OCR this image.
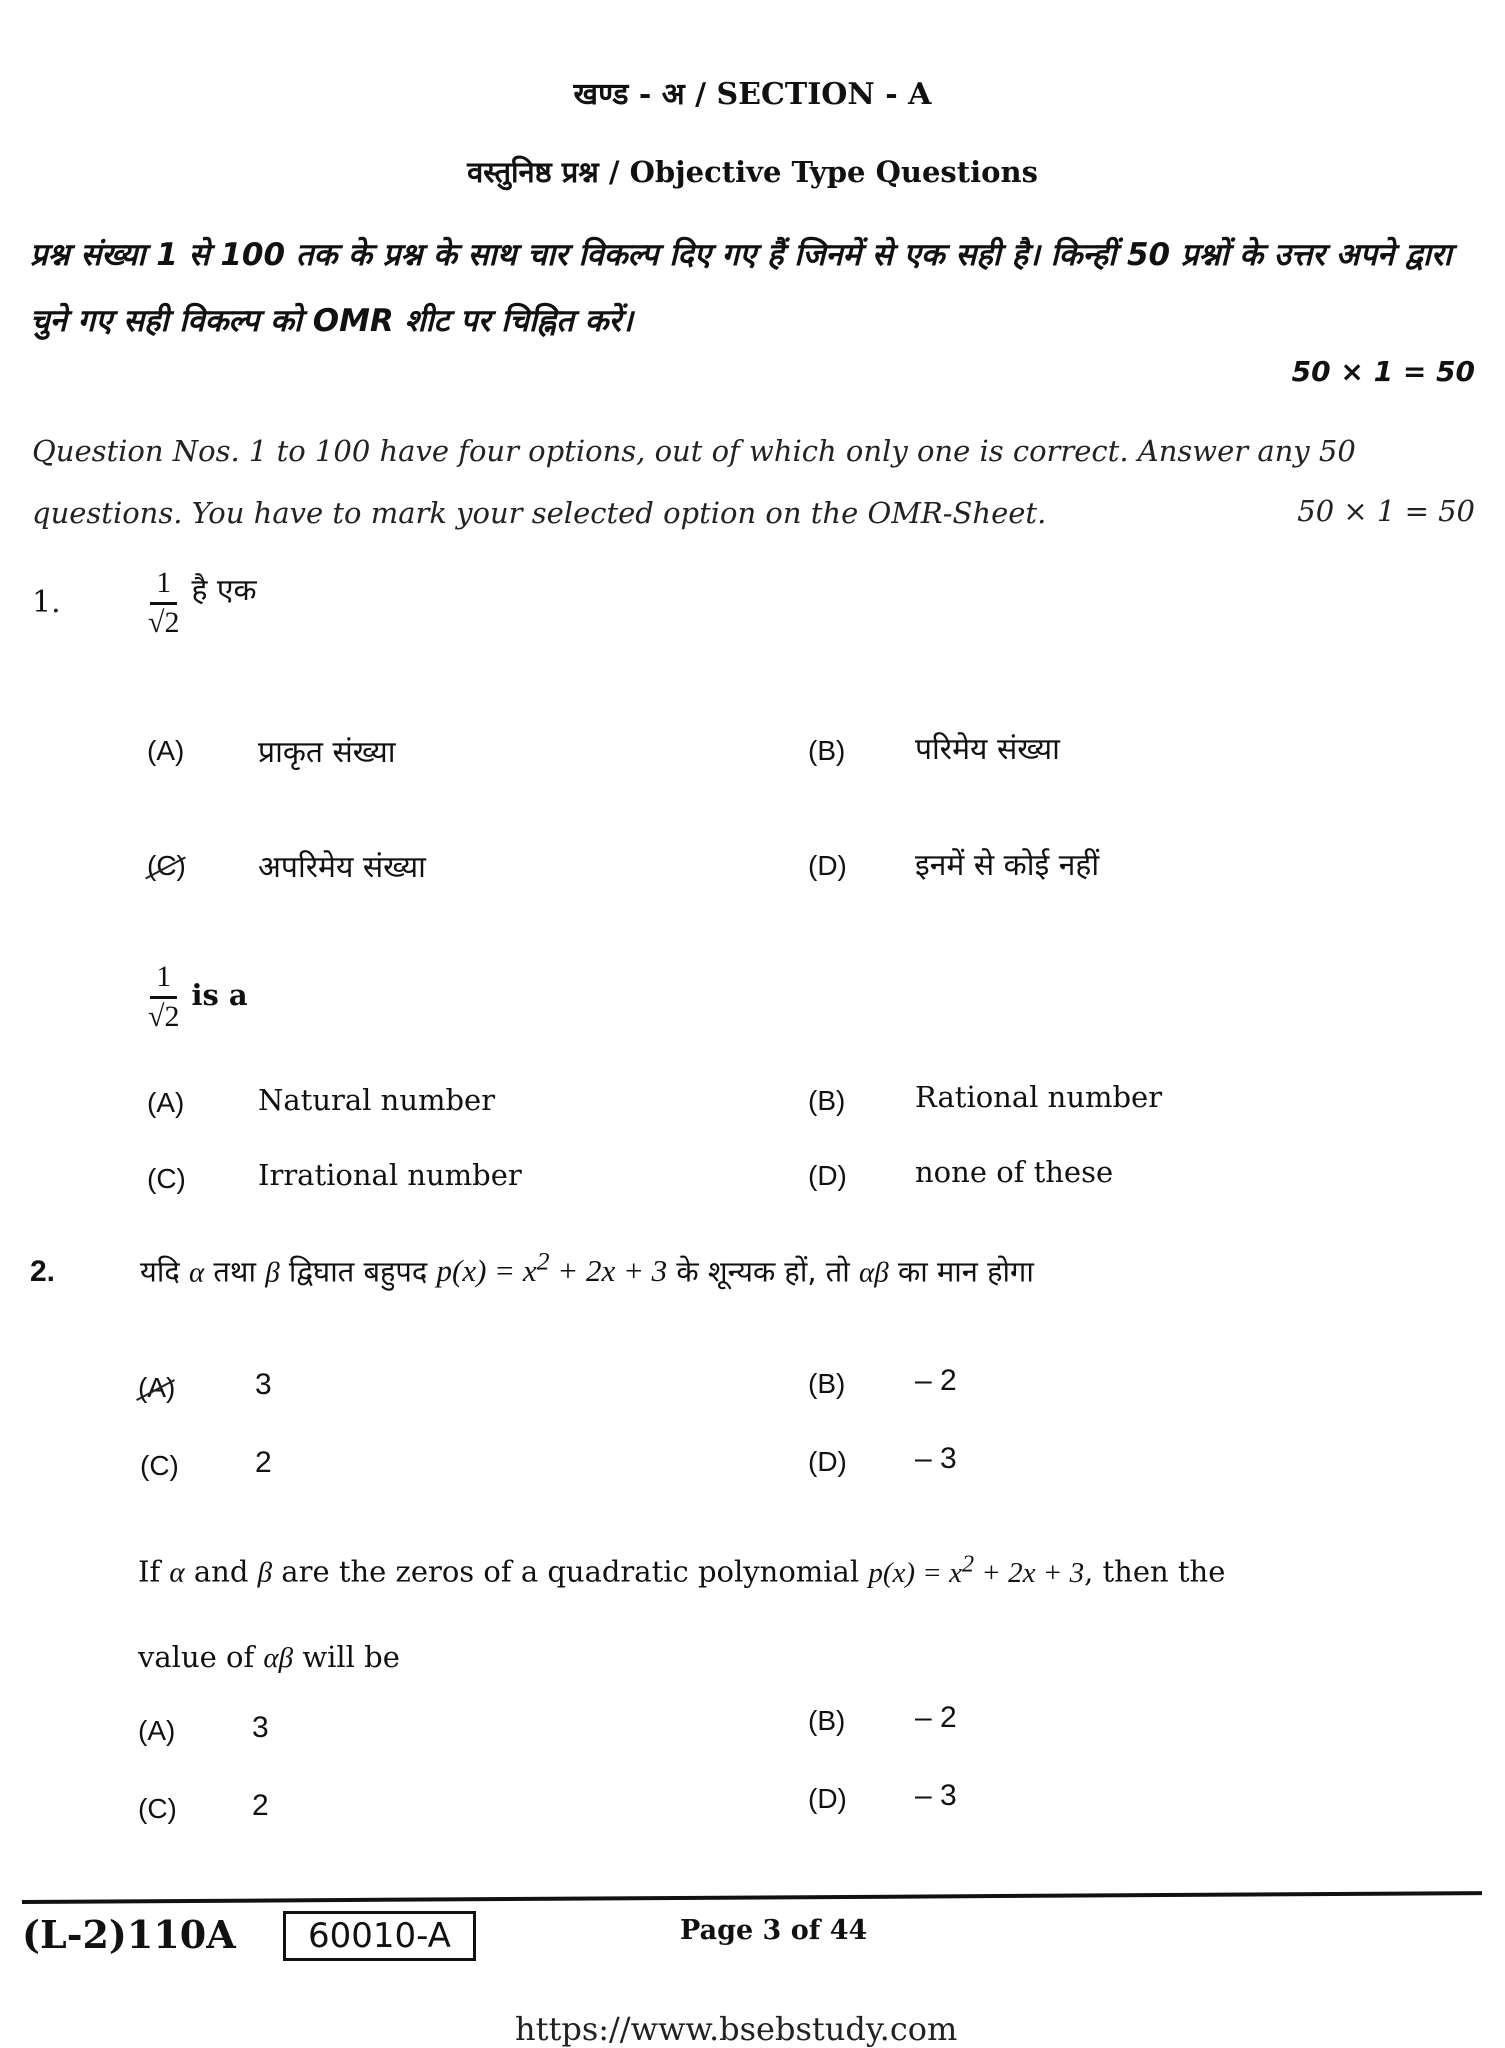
खण्ड - अ / SECTION - A
वस्तुनिष्ठ प्रश्न / Objective Type Questions
प्रश्न संख्या 1 से 100 तक के प्रश्न के साथ चार विकल्प दिए गए हैं जिनमें से एक सही है। किन्हीं 50 प्रश्नों के उत्तर अपने द्वारा चुने गए सही विकल्प को OMR शीट पर चिह्नित करें।
50 × 1 = 50
Question Nos. 1 to 100 have four options, out of which only one is correct. Answer any 50 questions. You have to mark your selected option on the OMR-Sheet.	50 × 1 = 50
1.	$\frac{1}{√2}$ है एक
(A) प्राकृत संख्या	(B) परिमेय संख्या
(C) अपरिमेय संख्या	(D) इनमें से कोई नहीं
$\frac{1}{√2}$ is a
(A)	Natural number	(B) Rational number
(C) Irrational number	(D) none of these
2.	यदि α तथा β द्विघात बहुपद $p(x) = x^2 + 2x + 3$ के शून्यक हों, तो αβ का मान होगा
(A)	3	(B) – 2
(C)	2	(D) – 3
If α and β are the zeros of a quadratic polynomial $p(x) = x^2 + 2x + 3$, then the
value of αβ will be
(A)	3	(B) – 2
(C)	2	(D) – 3
(L-2)110A	60010-A	Page 3 of 44
https://www.bsebstudy.com
